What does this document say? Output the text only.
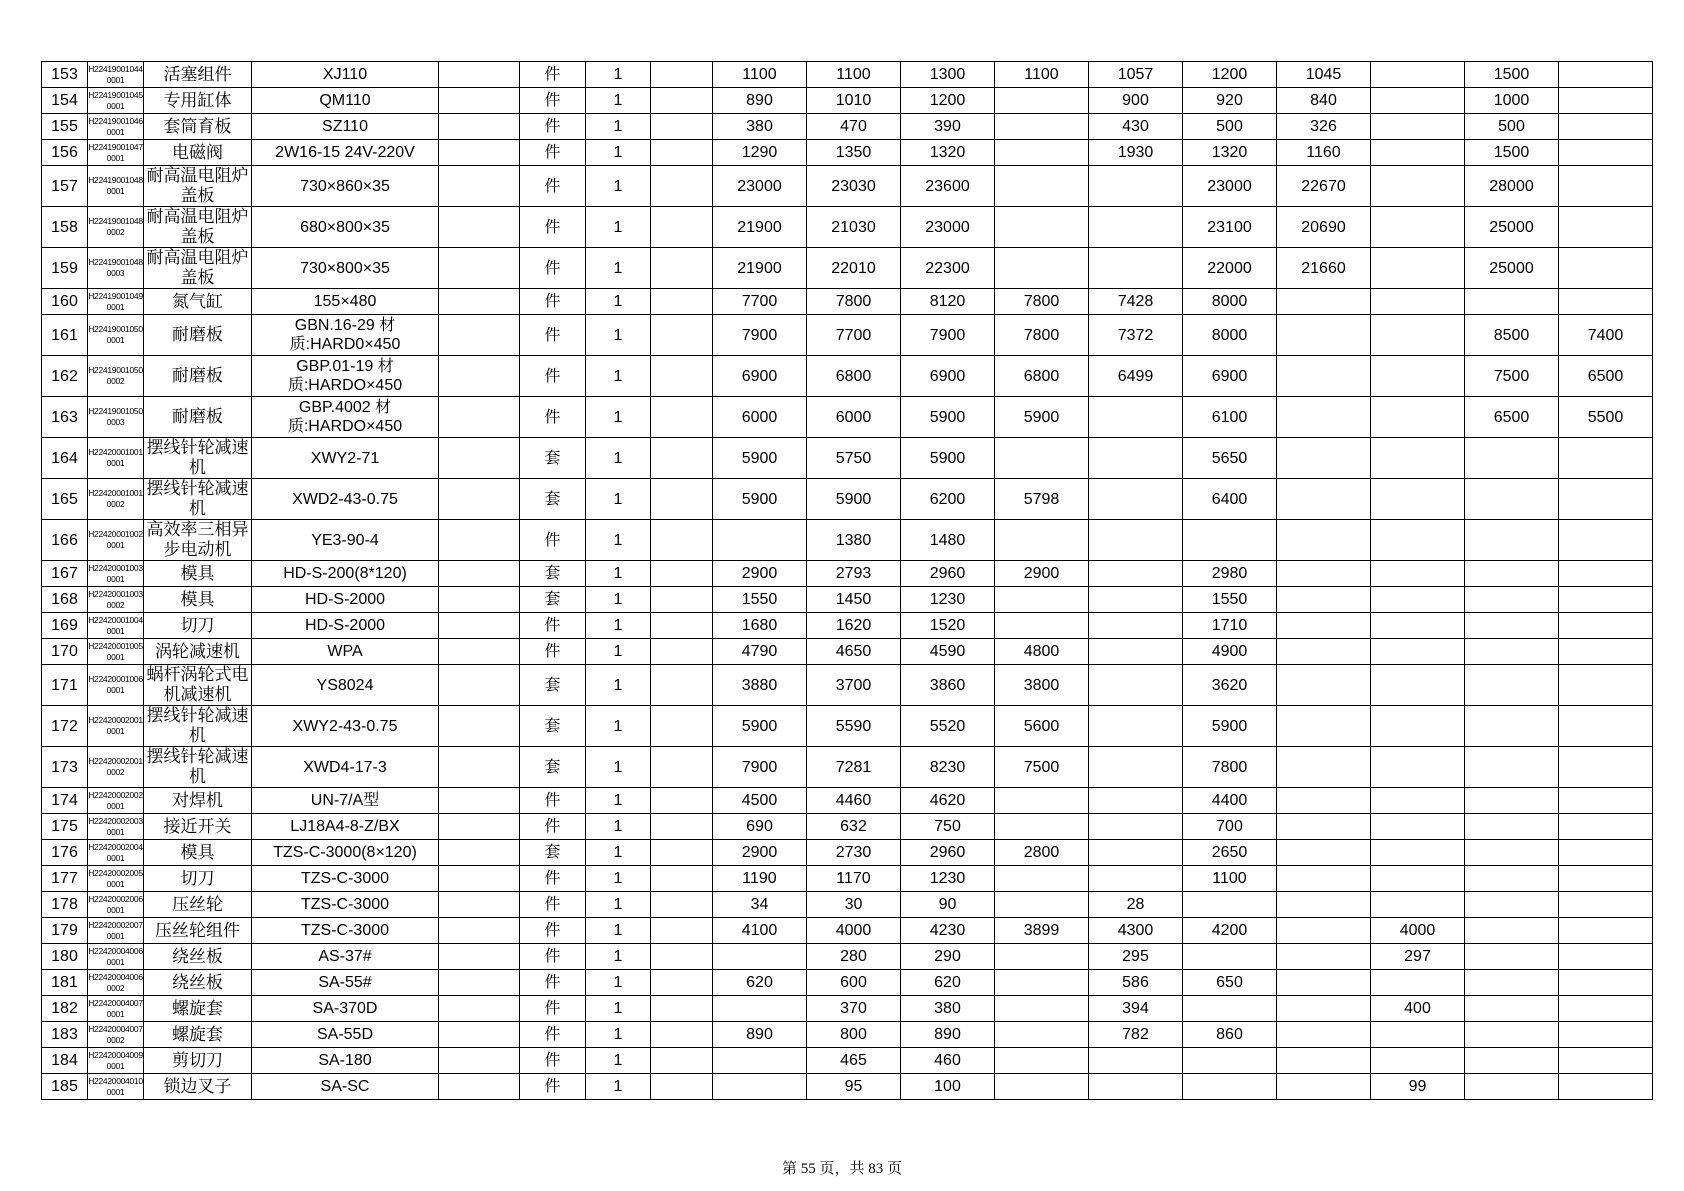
153	H224190010440001	活塞组件	XJ110		件	1		1100	1100	1300	1100	1057	1200	1045		1500	
154	H224190010450001	专用缸体	QM110		件	1		890	1010	1200		900	920	840		1000	
155	H224190010460001	套筒育板	SZ110		件	1		380	470	390		430	500	326		500	
156	H224190010470001	电磁阀	2W16-15 24V-220V		件	1		1290	1350	1320		1930	1320	1160		1500	
157	H224190010480001	耐高温电阻炉盖板	730×860×35		件	1		23000	23030	23600			23000	22670		28000	
158	H224190010480002	耐高温电阻炉盖板	680×800×35		件	1		21900	21030	23000			23100	20690		25000	
159	H224190010480003	耐高温电阻炉盖板	730×800×35		件	1		21900	22010	22300			22000	21660		25000	
160	H224190010490001	氮气缸	155×480		件	1		7700	7800	8120	7800	7428	8000				
161	H224190010500001	耐磨板	GBN.16-29 材质:HARD0×450		件	1		7900	7700	7900	7800	7372	8000			8500	7400
162	H224190010500002	耐磨板	GBP.01-19 材质:HARDO×450		件	1		6900	6800	6900	6800	6499	6900			7500	6500
163	H224190010500003	耐磨板	GBP.4002 材质:HARDO×450		件	1		6000	6000	5900	5900		6100			6500	5500
164	H224200010010001	摆线针轮减速机	XWY2-71		套	1		5900	5750	5900			5650				
165	H224200010010002	摆线针轮减速机	XWD2-43-0.75		套	1		5900	5900	6200	5798		6400				
166	H224200010020001	高效率三相异步电动机	YE3-90-4		件	1			1380	1480							
167	H224200010030001	模具	HD-S-200(8*120)		套	1		2900	2793	2960	2900		2980				
168	H224200010030002	模具	HD-S-2000		套	1		1550	1450	1230			1550				
169	H224200010040001	切刀	HD-S-2000		件	1		1680	1620	1520			1710				
170	H224200010050001	涡轮减速机	WPA		件	1		4790	4650	4590	4800		4900				
171	H224200010060001	蜗杆涡轮式电机减速机	YS8024		套	1		3880	3700	3860	3800		3620				
172	H224200020010001	摆线针轮减速机	XWY2-43-0.75		套	1		5900	5590	5520	5600		5900				
173	H224200020010002	摆线针轮减速机	XWD4-17-3		套	1		7900	7281	8230	7500		7800				
174	H224200020020001	对焊机	UN-7/A型		件	1		4500	4460	4620			4400				
175	H224200020030001	接近开关	LJ18A4-8-Z/BX		件	1		690	632	750			700				
176	H224200020040001	模具	TZS-C-3000(8×120)		套	1		2900	2730	2960	2800		2650				
177	H224200020050001	切刀	TZS-C-3000		件	1		1190	1170	1230			1100				
178	H224200020060001	压丝轮	TZS-C-3000		件	1		34	30	90		28					
179	H224200020070001	压丝轮组件	TZS-C-3000		件	1		4100	4000	4230	3899	4300	4200		4000		
180	H224200040060001	绕丝板	AS-37#		件	1			280	290		295			297		
181	H224200040060002	绕丝板	SA-55#		件	1		620	600	620		586	650				
182	H224200040070001	螺旋套	SA-370D		件	1			370	380		394			400		
183	H224200040070002	螺旋套	SA-55D		件	1		890	800	890		782	860				
184	H224200040090001	剪切刀	SA-180		件	1			465	460							
185	H224200040100001	锁边叉子	SA-SC		件	1			95	100					99		
第 55 页，共 83 页
